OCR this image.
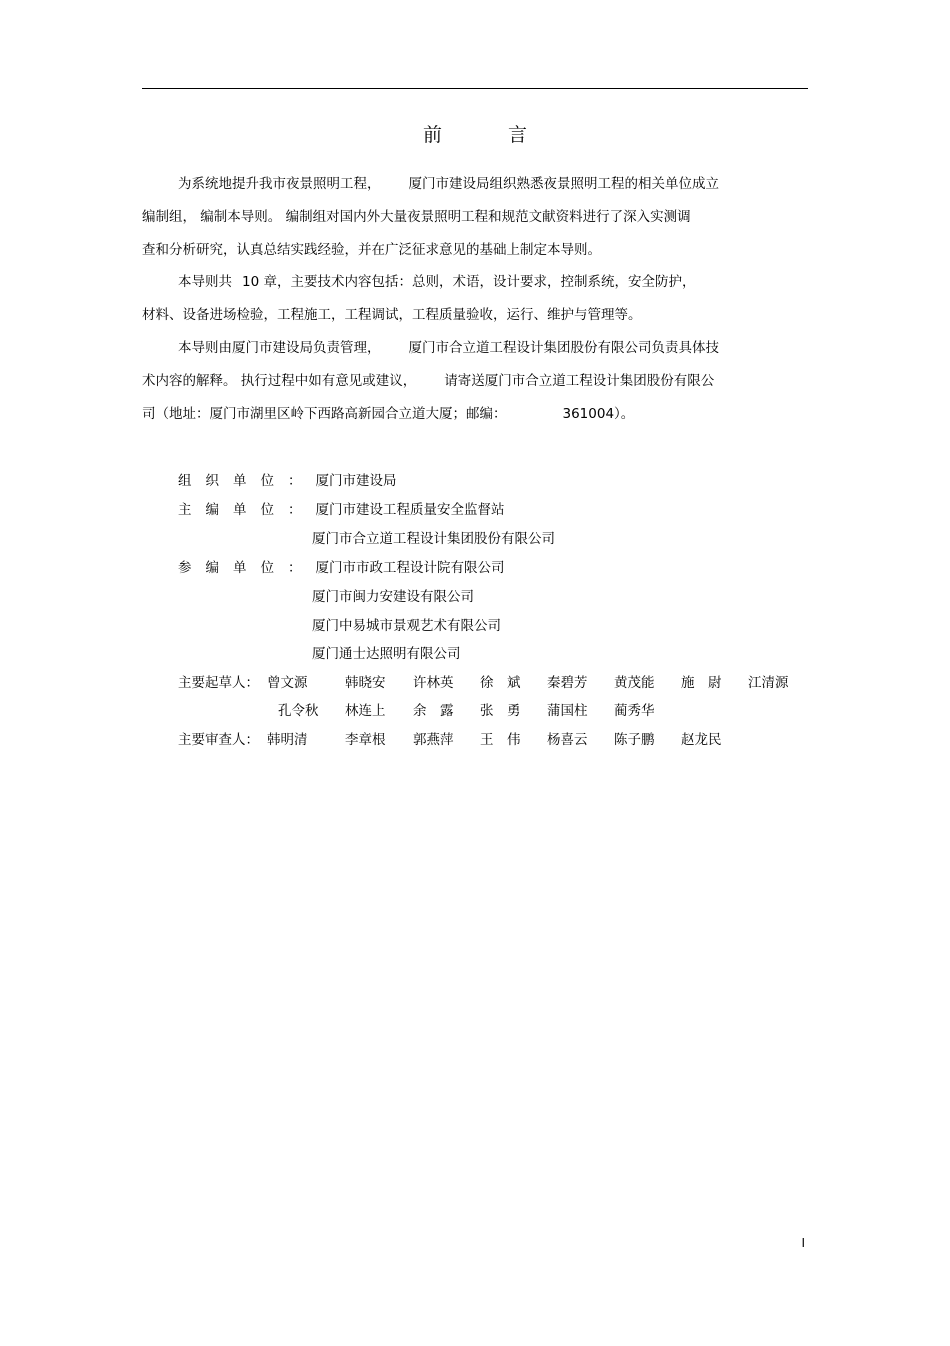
前 言

为系统地提升我市夜景照明工程， 厦门市建设局组织熟悉夜景照明工程的相关单位成立
编制组， 编制本导则。 编制组对国内外大量夜景照明工程和规范文献资料进行了深入实测调
查和分析研究，认真总结实践经验，并在广泛征求意见的基础上制定本导则。

本导则共 10 章，主要技术内容包括：总则，术语，设计要求，控制系统，安全防护，
材料、设备进场检验，工程施工，工程调试，工程质量验收，运行、维护与管理等。

本导则由厦门市建设局负责管理， 厦门市合立道工程设计集团股份有限公司负责具体技
术内容的解释。 执行过程中如有意见或建议， 请寄送厦门市合立道工程设计集团股份有限公
司（地址：厦门市湖里区岭下西路高新园合立道大厦；邮编：	361004）。

组织单位：厦门市建设局
主编单位：厦门市建设工程质量安全监督站
厦门市合立道工程设计集团股份有限公司
参编单位：厦门市市政工程设计院有限公司
厦门市闽力安建设有限公司
厦门中易城市景观艺术有限公司
厦门通士达照明有限公司
主要起草人： 曾文源	韩晓安 许林英 徐　斌 秦碧芳 黄茂能 施　尉 江清源
孔令秋 林连上 余　露 张　勇 蒲国柱 蔺秀华
主要审查人： 韩明清	李章根 郭燕萍 王　伟 杨喜云 陈子鹏 赵龙民
I
